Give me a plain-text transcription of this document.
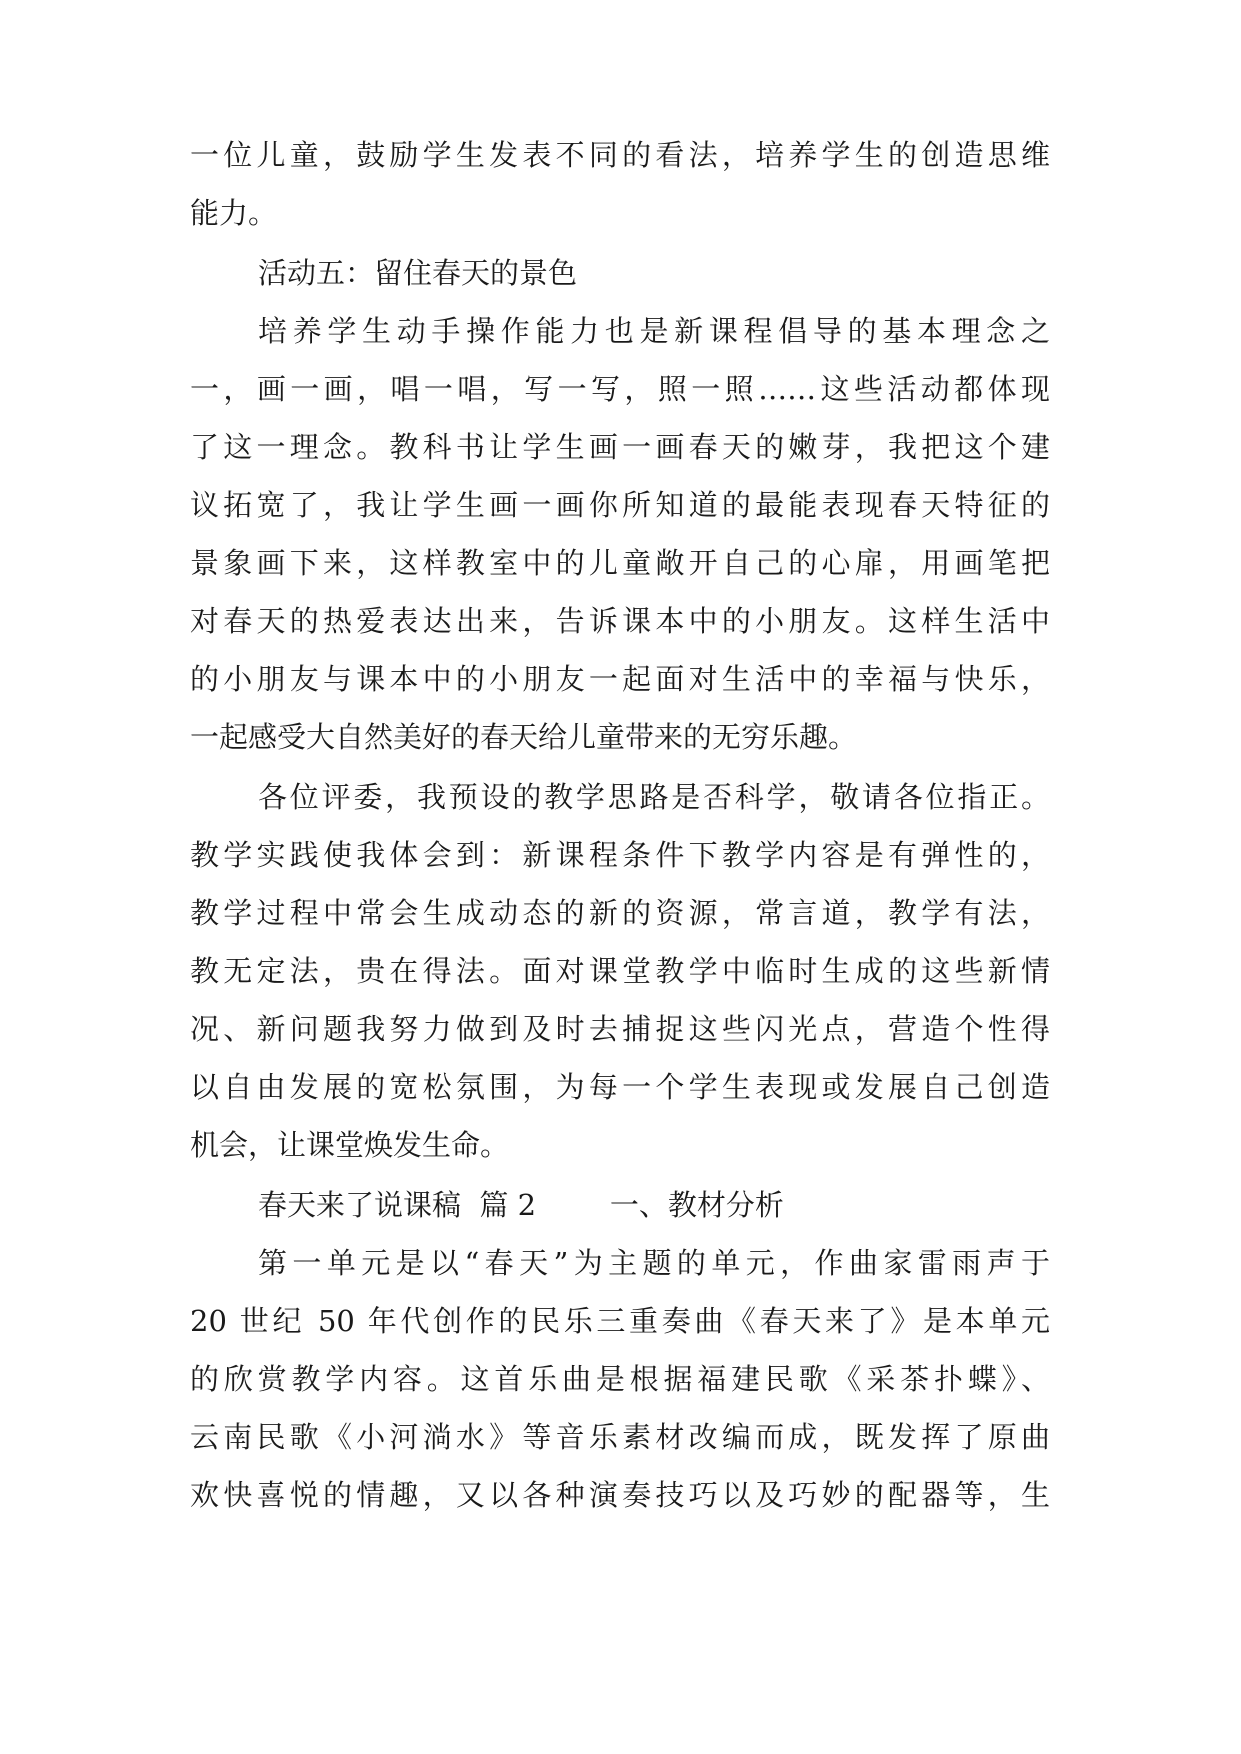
一位儿童，鼓励学生发表不同的看法，培养学生的创造思维
能力。
活动五：留住春天的景色
培养学生动手操作能力也是新课程倡导的基本理念之
一，画一画，唱一唱，写一写，照一照……这些活动都体现
了这一理念。教科书让学生画一画春天的嫩芽，我把这个建
议拓宽了，我让学生画一画你所知道的最能表现春天特征的
景象画下来，这样教室中的儿童敞开自己的心扉，用画笔把
对春天的热爱表达出来，告诉课本中的小朋友。这样生活中
的小朋友与课本中的小朋友一起面对生活中的幸福与快乐，
一起感受大自然美好的春天给儿童带来的无穷乐趣。
各位评委，我预设的教学思路是否科学，敬请各位指正。
教学实践使我体会到：新课程条件下教学内容是有弹性的，
教学过程中常会生成动态的新的资源，常言道，教学有法，
教无定法，贵在得法。面对课堂教学中临时生成的这些新情
况、新问题我努力做到及时去捕捉这些闪光点，营造个性得
以自由发展的宽松氛围，为每一个学生表现或发展自己创造
机会，让课堂焕发生命。
春天来了说课稿  篇 2        一、教材分析
第一单元是以“春天”为主题的单元，作曲家雷雨声于
20 世纪 50 年代创作的民乐三重奏曲《春天来了》是本单元
的欣赏教学内容。这首乐曲是根据福建民歌《采茶扑蝶》、
云南民歌《小河淌水》等音乐素材改编而成，既发挥了原曲
欢快喜悦的情趣，又以各种演奏技巧以及巧妙的配器等，生
